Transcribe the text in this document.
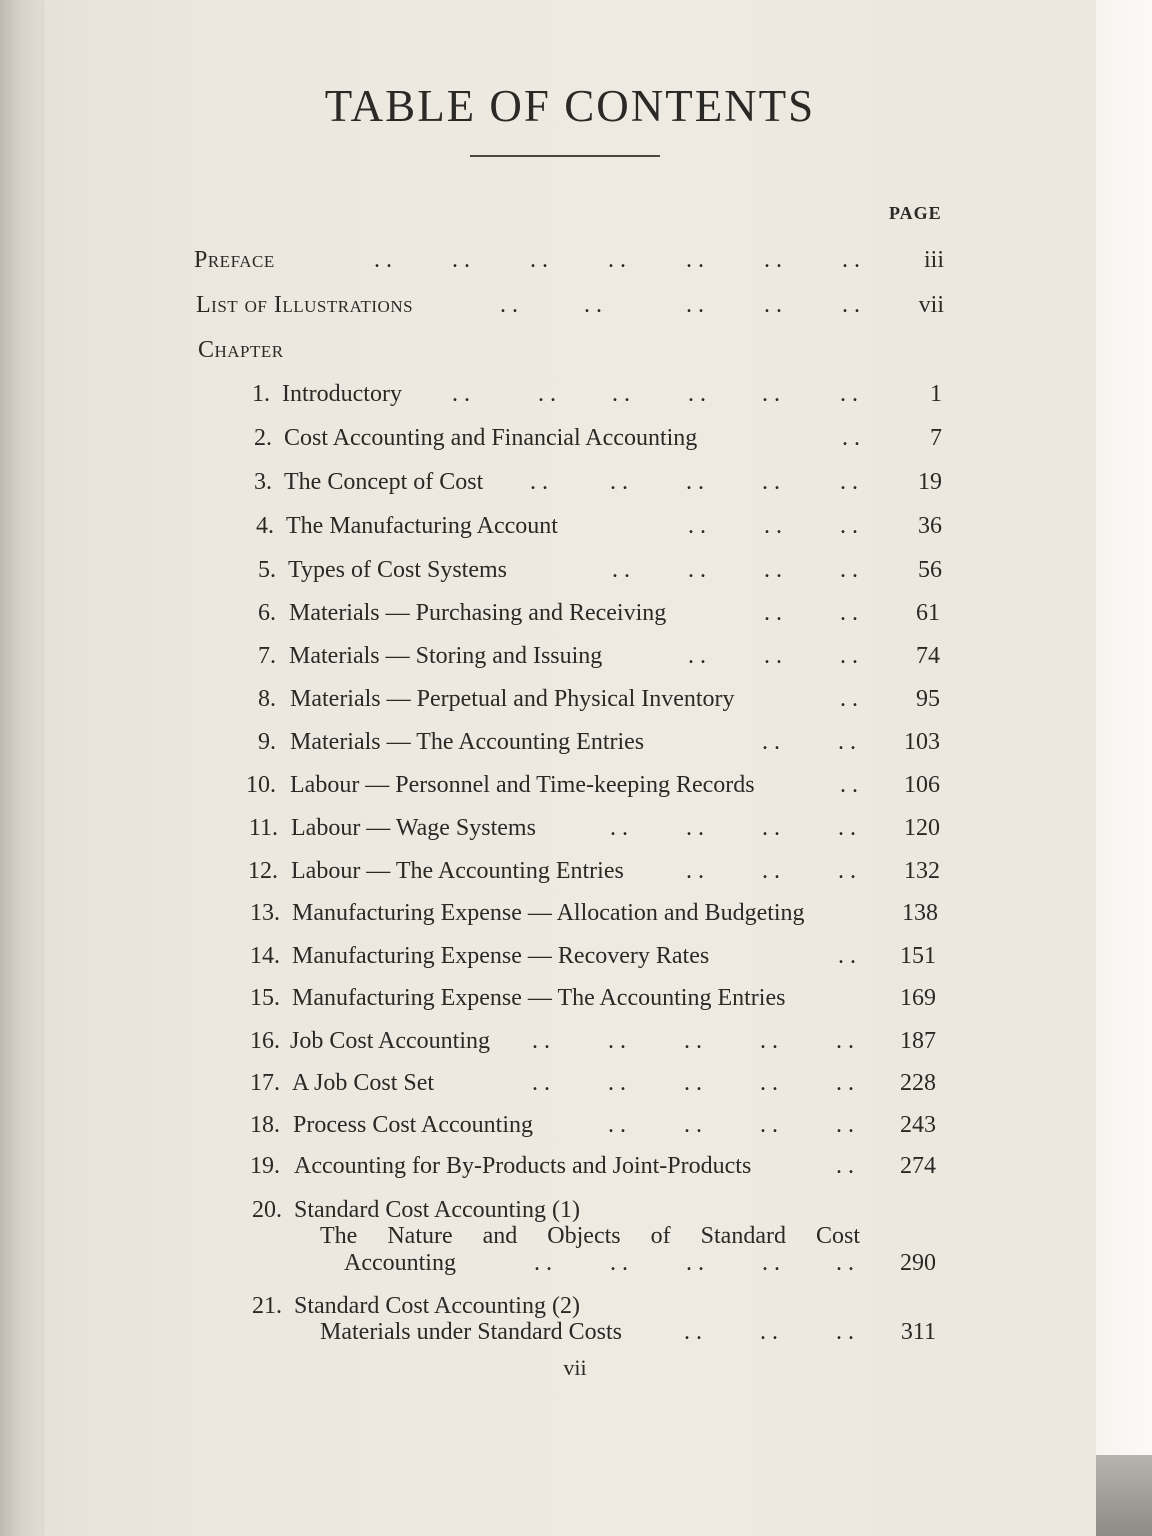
TABLE OF CONTENTS
PAGE
Preface	. .	. .	. .	. .	. .	. .	. .	iii
List of Illustrations	. .	. .	. .	. .	. .	vii
Chapter
1. Introductory . .	. . . . . . . .	. .	1
2. Cost Accounting and Financial Accounting	. .	7
3. The Concept of Cost . .	. . . . . .	. .	19
4. The Manufacturing Account	. . . . . .	36
5. Types of Cost Systems	. . . . . . . .	56
6. Materials — Purchasing and Receiving	. . . .	61
7. Materials — Storing and Issuing	. . . . . .	74
8. Materials — Perpetual and Physical Inventory	. .	95
9. Materials — The Accounting Entries	. . . .	103
10. Labour — Personnel and Time-keeping Records	. .	106
11. Labour — Wage Systems	. . . . . . . .	120
12. Labour — The Accounting Entries	. . . . . .	132
13. Manufacturing Expense — Allocation and Budgeting	138
14. Manufacturing Expense — Recovery Rates	. .	151
15. Manufacturing Expense — The Accounting Entries	169
16. Job Cost Accounting . . . . . . . . . .	187
17. A Job Cost Set	. . . . . . . . . .	228
18. Process Cost Accounting	. . . . . . . .	243
19. Accounting for By-Products and Joint-Products	. .	274
20. Standard Cost Accounting (1)
The Nature and Objects of Standard Cost
Accounting	. . . . . . . . . .	290
21. Standard Cost Accounting (2)
Materials under Standard Costs	. . . . . .	311
vii
